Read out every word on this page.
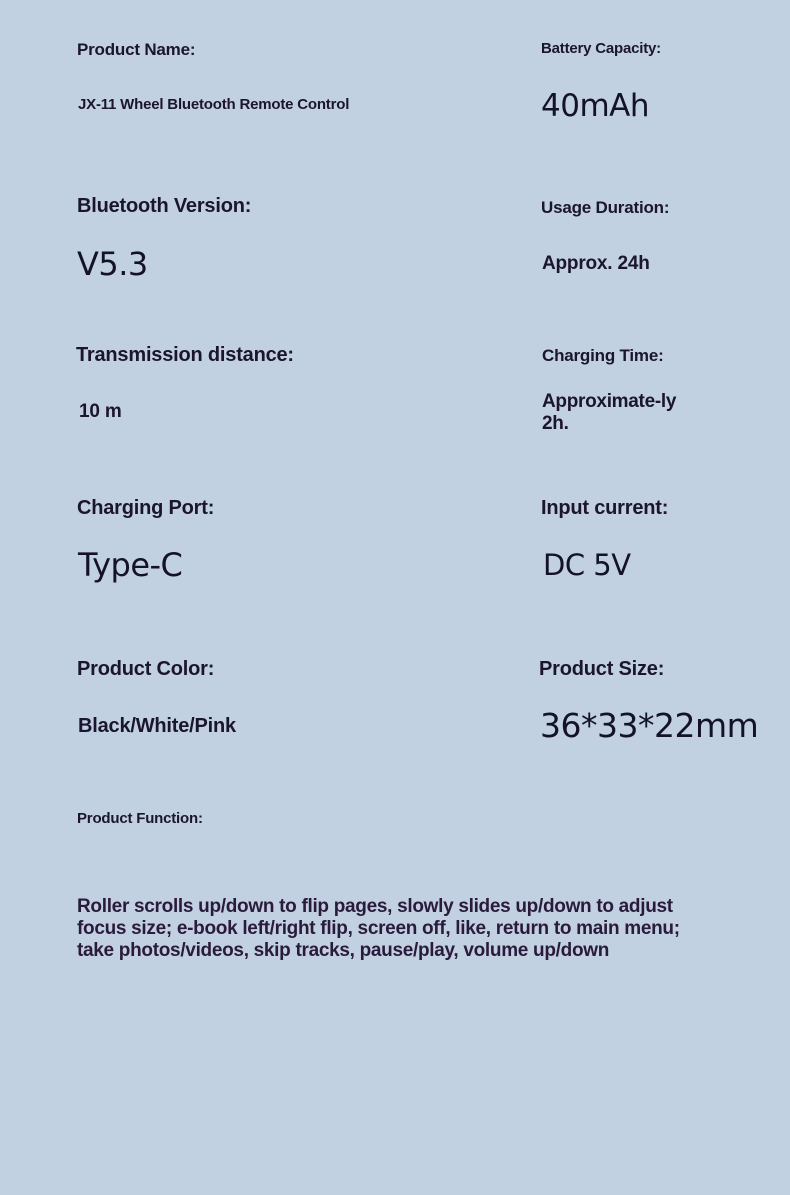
Product Name:

JX-11 Wheel Bluetooth Remote Control

Battery Capacity:

40mAh

Bluetooth Version:

V5.3

Usage Duration:

Approx. 24h

Transmission distance:

10 m

Charging Time:

Approximate-ly 2h.

Charging Port:

Type-C

Input current:

DC 5V

Product Color:

Black/White/Pink

Product Size:

36*33*22mm

Product Function:

Roller scrolls up/down to flip pages, slowly slides up/down to adjust focus size; e-book left/right flip, screen off, like, return to main menu; take photos/videos, skip tracks, pause/play, volume up/down
